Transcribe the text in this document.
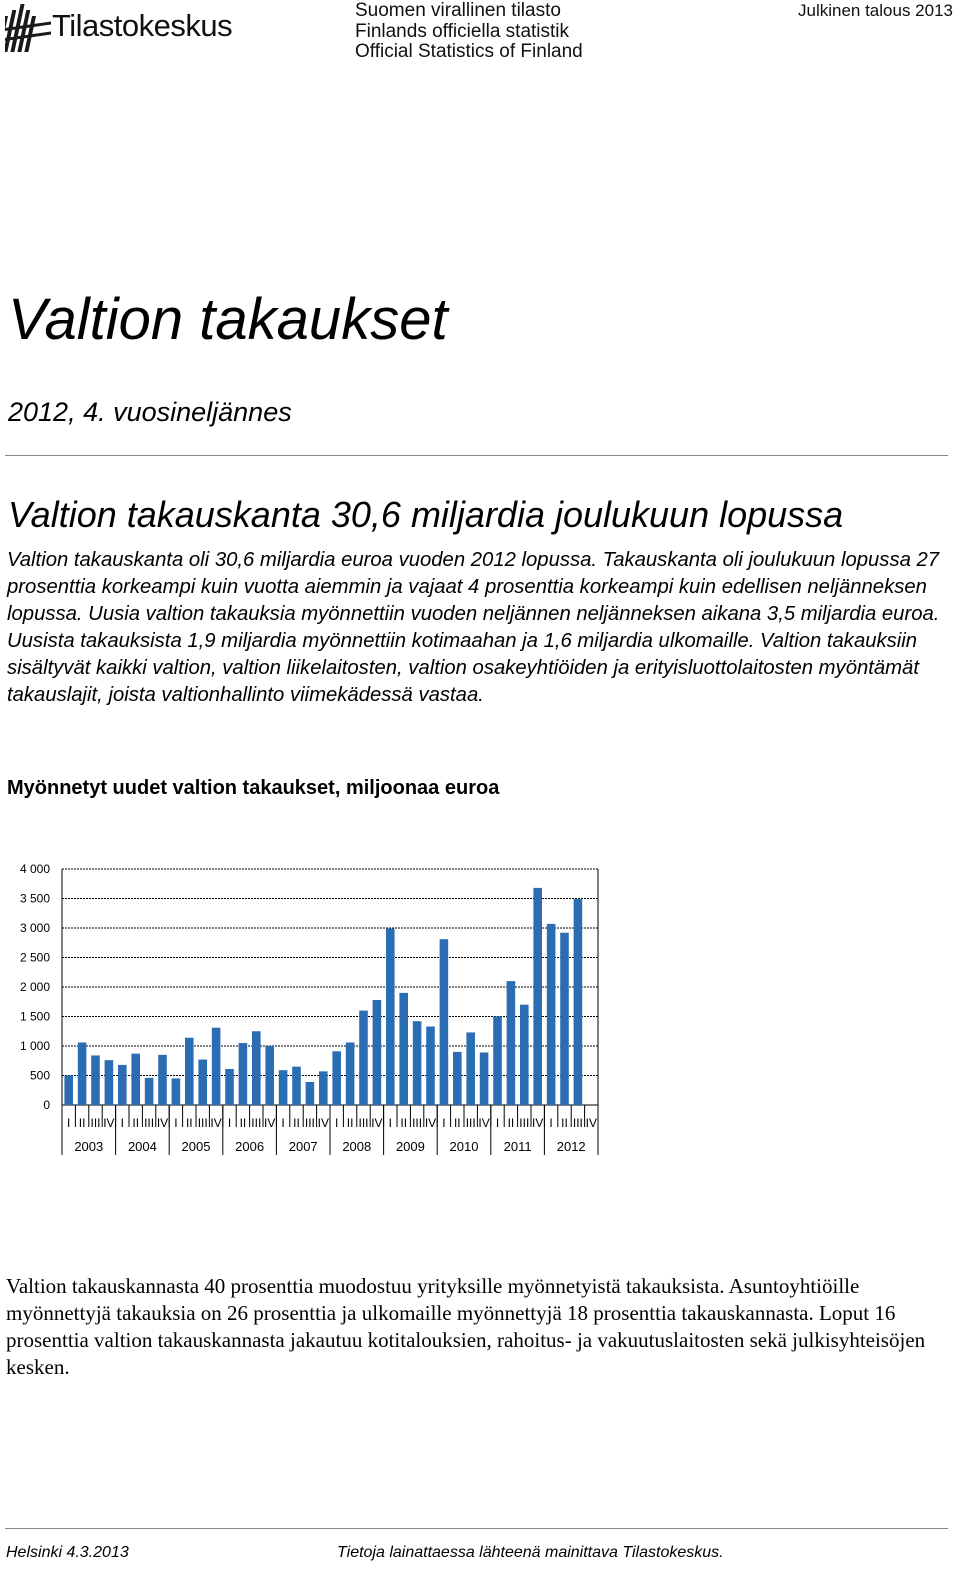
Tilastokeskus	Suomen virallinen tilasto
Finlands officiella statistik
Official Statistics of Finland
Julkinen talous 2013
Valtion takaukset
2012, 4. vuosineljännes
Valtion takauskanta 30,6 miljardia joulukuun lopussa
Valtion takauskanta oli 30,6 miljardia euroa vuoden 2012 lopussa. Takauskanta oli joulukuun lopussa 27 prosenttia korkeampi kuin vuotta aiemmin ja vajaat 4 prosenttia korkeampi kuin edellisen neljänneksen lopussa. Uusia valtion takauksia myönnettiin vuoden neljännen neljänneksen aikana 3,5 miljardia euroa. Uusista takauksista 1,9 miljardia myönnettiin kotimaahan ja 1,6 miljardia ulkomaille. Valtion takauksiin sisältyvät kaikki valtion, valtion liikelaitosten, valtion osakeyhtiöiden ja erityisluottolaitosten myöntämät takauslajit, joista valtionhallinto viimekädessä vastaa.
Myönnetyt uudet valtion takaukset, miljoonaa euroa
0
500
1 000
1 500
2 000
2 500
3 000
3 500
4 000
I II III IV
2003
I II III IV
2004
I II III IV
2005
I II III IV
2006
I II III IV
2007
I II III IV
2008
I II III IV
2009
I II III IV
2010
I II III IV
2011
I II III IV
2012
Valtion takauskannasta 40 prosenttia muodostuu yrityksille myönnetyistä takauksista. Asuntoyhtiöille myönnettyjä takauksia on 26 prosenttia ja ulkomaille myönnettyjä 18 prosenttia takauskannasta. Loput 16 prosenttia valtion takauskannasta jakautuu kotitalouksien, rahoitus- ja vakuutuslaitosten sekä julkisyhteisöjen kesken.
Helsinki 4.3.2013	Tietoja lainattaessa lähteenä mainittava Tilastokeskus.
